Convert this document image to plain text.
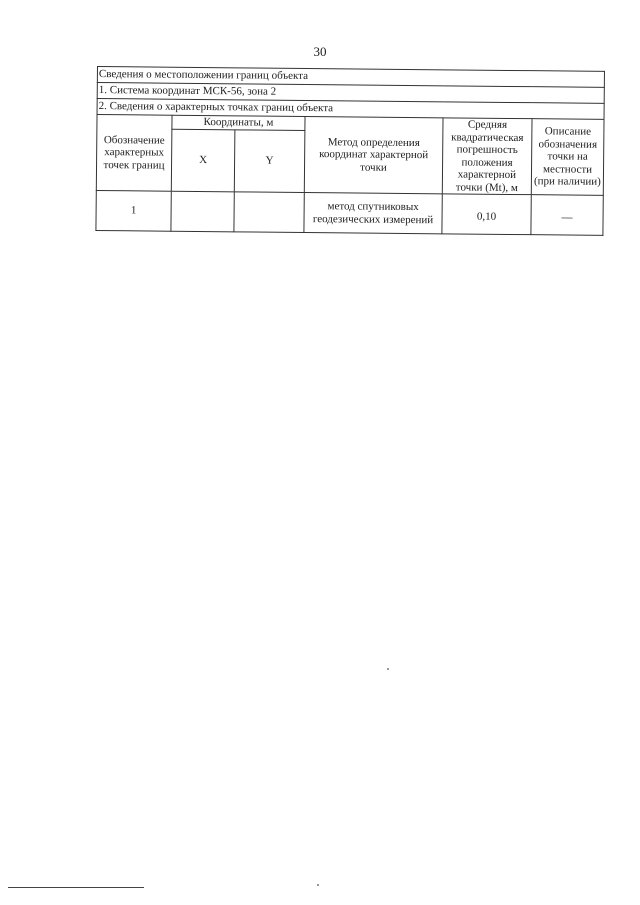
30
Сведения о местоположении границ объекта					
1. Система координат МСК-56, зона 2					
2. Сведения о характерных точках границ объекта					
Обозначение характерных точек границ	Координаты, м		Метод определения координат характерной точки	Средняя квадратическая погрешность положения характерной точки (Mt), м	Описание обозначения точки на местности (при наличии)
	X	Y			
1			метод спутниковых геодезических измерений	0,10	—
